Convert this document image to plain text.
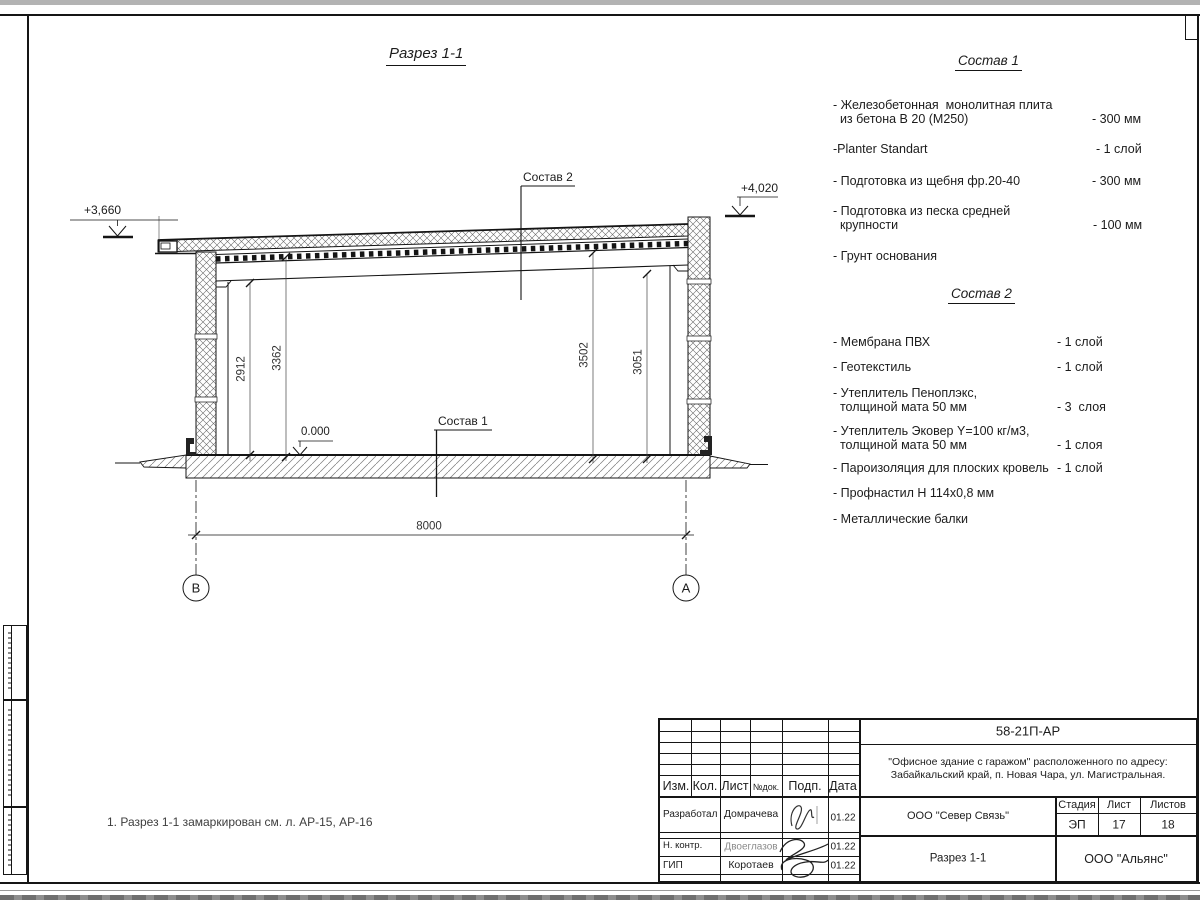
Разрез 1-1
+3,660
+4,020
0.000
2912 3362	3502	3051
8000
В	А
Состав 2
Состав 1
1. Разрез 1-1 замаркирован см. л. АР-15, АР-16
Состав 1
- Железобетонная  монолитная плита
из бетона В 20 (М250)	- 300 мм
-Planter Standart	- 1 слой
- Подготовка из щебня фр.20-40	- 300 мм
- Подготовка из песка средней
крупности	- 100 мм
- Грунт основания
Состав 2
- Мембрана ПВХ	- 1 слой
- Геотекстиль	- 1 слой
- Утеплитель Пеноплэкс,
толщиной мата 50 мм	- 3  слоя
- Утеплитель Эковер Y=100 кг/м3,
толщиной мата 50 мм	- 1 слоя
- Пароизоляция для плоских кровель - 1 слой
- Профнастил Н 114х0,8 мм
- Металлические балки
Изм. Кол. Лист №док. Подп. Дата
Разработал Домрачева	01.22
Н. контр. Двоеглазов	01.22
ГИП	Коротаев	01.22
58-21П-АР
"Офисное здание с гаражом" расположенного по адресу:
Забайкальский край, п. Новая Чара, ул. Магистральная.
ООО "Север Связь"
Разрез 1-1
Стадия Лист Листов
ЭП 17	18
ООО "Альянс"
